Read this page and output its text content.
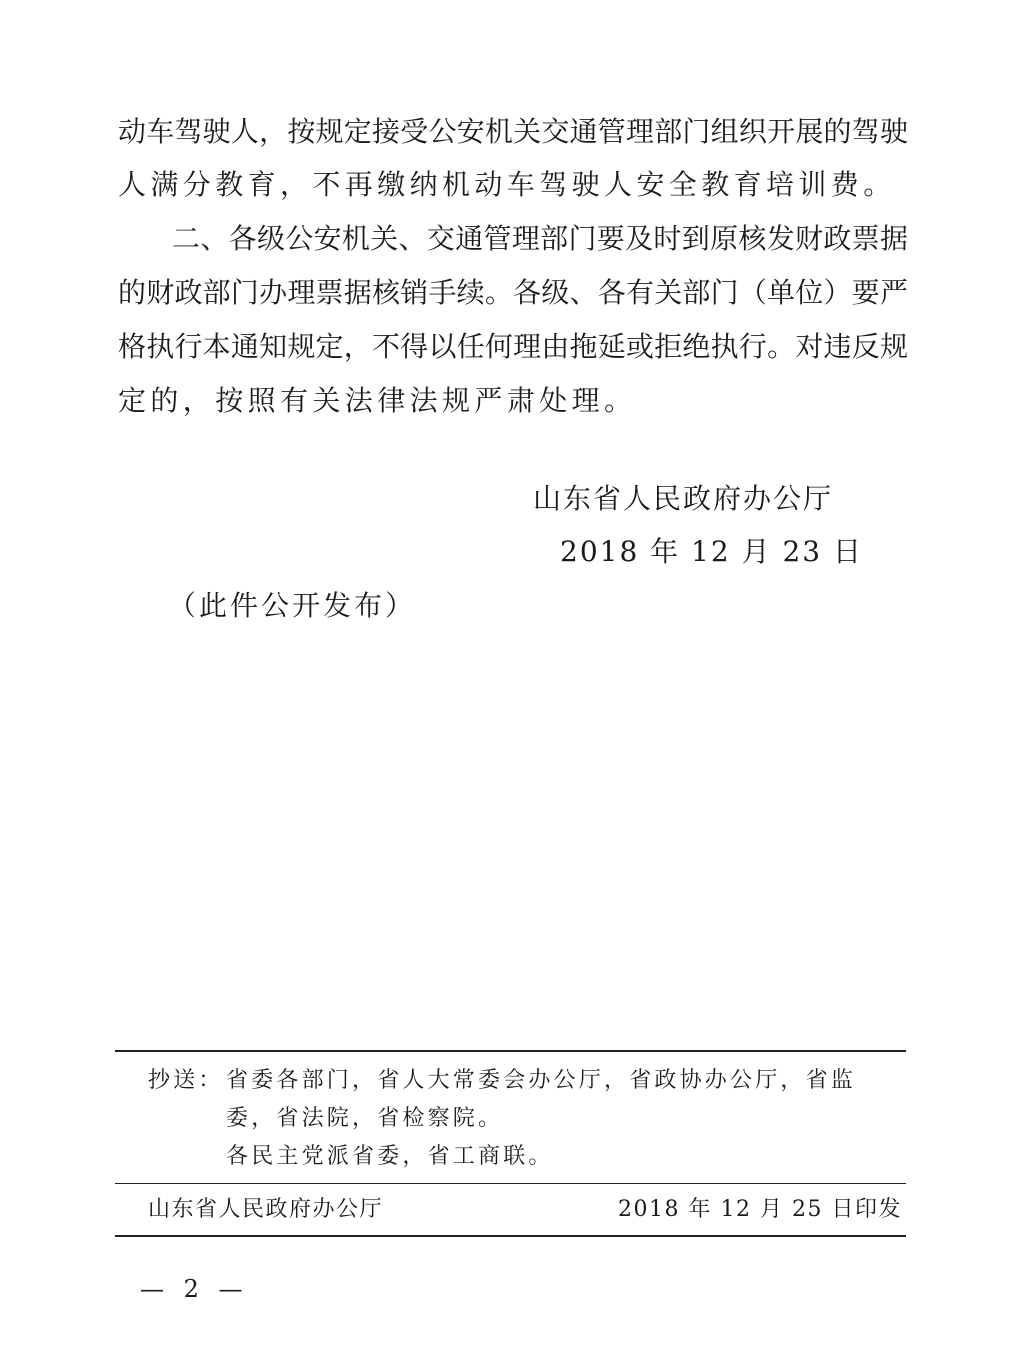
动车驾驶人，按规定接受公安机关交通管理部门组织开展的驾驶
人满分教育，不再缴纳机动车驾驶人安全教育培训费。
二、各级公安机关、交通管理部门要及时到原核发财政票据
的财政部门办理票据核销手续。各级、各有关部门（单位）要严
格执行本通知规定，不得以任何理由拖延或拒绝执行。对违反规
定的，按照有关法律法规严肃处理。
山东省人民政府办公厅
2018 年 12 月 23 日
（此件公开发布）
抄送： 省委各部门，省人大常委会办公厅，省政协办公厅，省监
委，省法院，省检察院。
各民主党派省委，省工商联。
山东省人民政府办公厅	2018 年 12 月 25 日印发
— 2 —
